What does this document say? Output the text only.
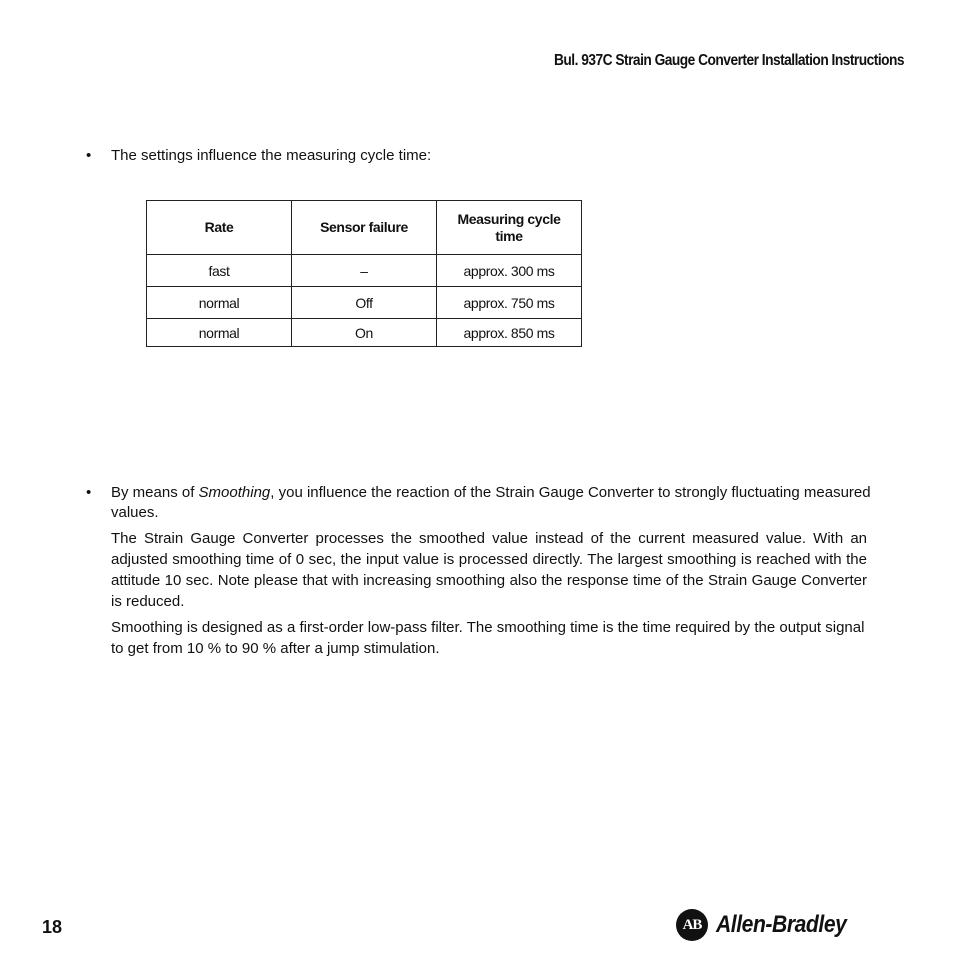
Bul. 937C Strain Gauge Converter Installation Instructions
•	The settings influence the measuring cycle time:
Rate	Sensor failure	Measuring cycle time
fast	–	approx. 300 ms
normal	Off	approx. 750 ms
normal	On	approx. 850 ms
•	By means of Smoothing, you influence the reaction of the Strain Gauge Converter to strongly fluctuating measured values.
The Strain Gauge Converter processes the smoothed value instead of the current measured value. With an adjusted smoothing time of 0 sec, the input value is processed directly. The largest smoothing is reached with the attitude 10 sec. Note please that with increasing smoothing also the response time of the Strain Gauge Converter is reduced.
Smoothing is designed as a first-order low-pass filter. The smoothing time is the time required by the output signal to get from 10 % to 90 % after a jump stimulation.
18	AB Allen-Bradley
